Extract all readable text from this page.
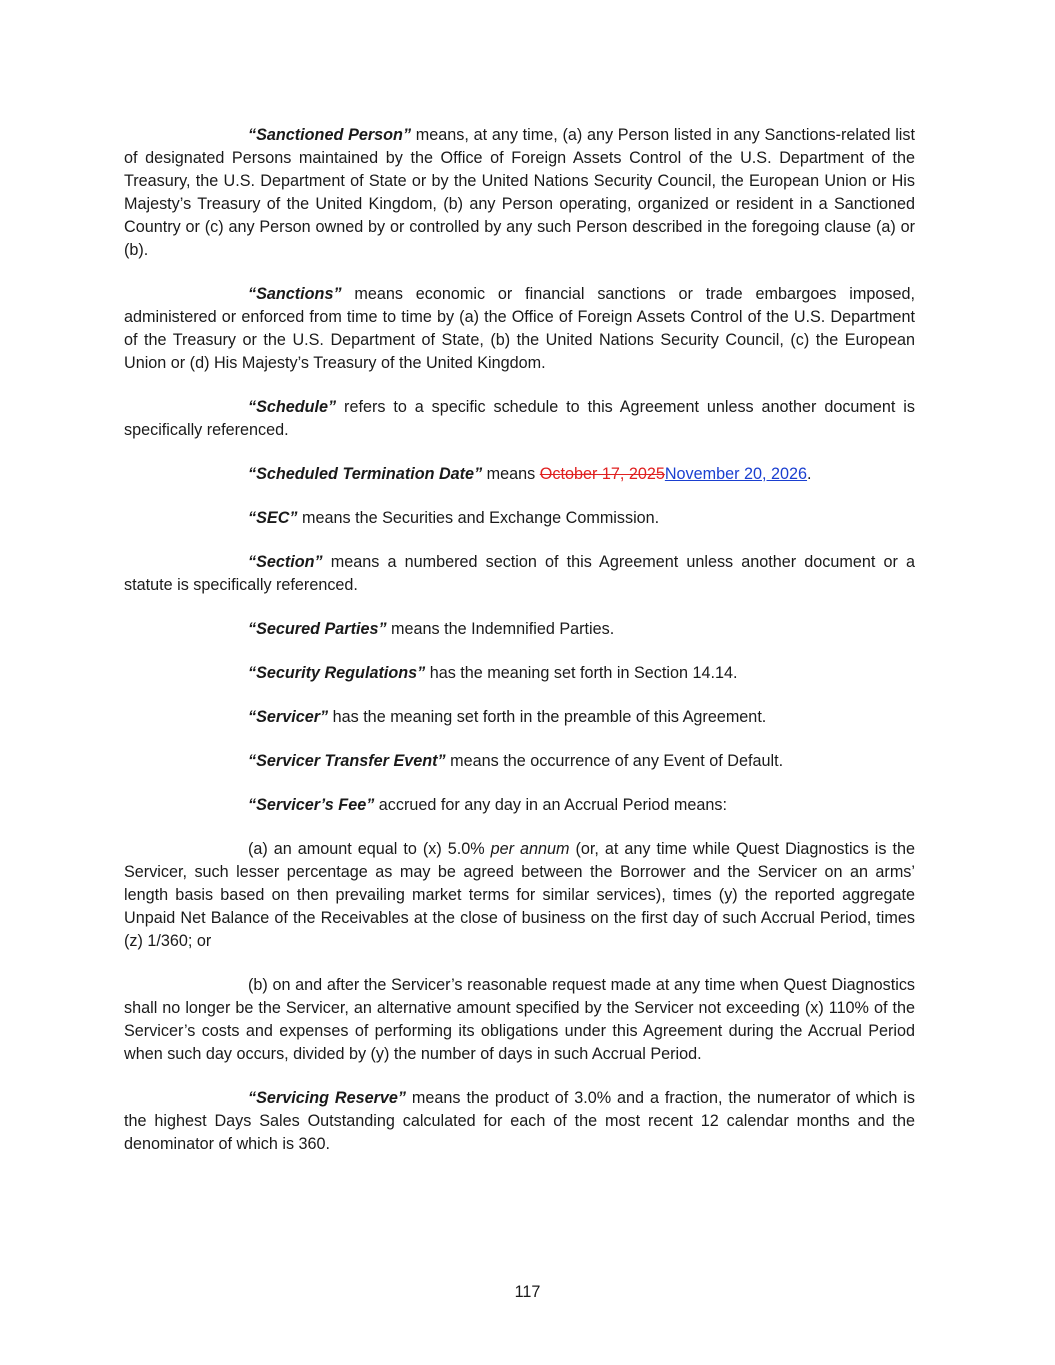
“Sanctioned Person” means, at any time, (a) any Person listed in any Sanctions-related list of designated Persons maintained by the Office of Foreign Assets Control of the U.S. Department of the Treasury, the U.S. Department of State or by the United Nations Security Council, the European Union or His Majesty’s Treasury of the United Kingdom, (b) any Person operating, organized or resident in a Sanctioned Country or (c) any Person owned by or controlled by any such Person described in the foregoing clause (a) or (b).

“Sanctions” means economic or financial sanctions or trade embargoes imposed, administered or enforced from time to time by (a) the Office of Foreign Assets Control of the U.S. Department of the Treasury or the U.S. Department of State, (b) the United Nations Security Council, (c) the European Union or (d) His Majesty’s Treasury of the United Kingdom.

“Schedule” refers to a specific schedule to this Agreement unless another document is specifically referenced.

“Scheduled Termination Date” means October 17, 2025November 20, 2026.

“SEC” means the Securities and Exchange Commission.

“Section” means a numbered section of this Agreement unless another document or a statute is specifically referenced.

“Secured Parties” means the Indemnified Parties.

“Security Regulations” has the meaning set forth in Section 14.14.

“Servicer” has the meaning set forth in the preamble of this Agreement.

“Servicer Transfer Event” means the occurrence of any Event of Default.

“Servicer’s Fee” accrued for any day in an Accrual Period means:

(a) an amount equal to (x) 5.0% per annum (or, at any time while Quest Diagnostics is the Servicer, such lesser percentage as may be agreed between the Borrower and the Servicer on an arms’ length basis based on then prevailing market terms for similar services), times (y) the reported aggregate Unpaid Net Balance of the Receivables at the close of business on the first day of such Accrual Period, times (z) 1/360; or

(b) on and after the Servicer’s reasonable request made at any time when Quest Diagnostics shall no longer be the Servicer, an alternative amount specified by the Servicer not exceeding (x) 110% of the Servicer’s costs and expenses of performing its obligations under this Agreement during the Accrual Period when such day occurs, divided by (y) the number of days in such Accrual Period.

“Servicing Reserve” means the product of 3.0% and a fraction, the numerator of which is the highest Days Sales Outstanding calculated for each of the most recent 12 calendar months and the denominator of which is 360.

117
